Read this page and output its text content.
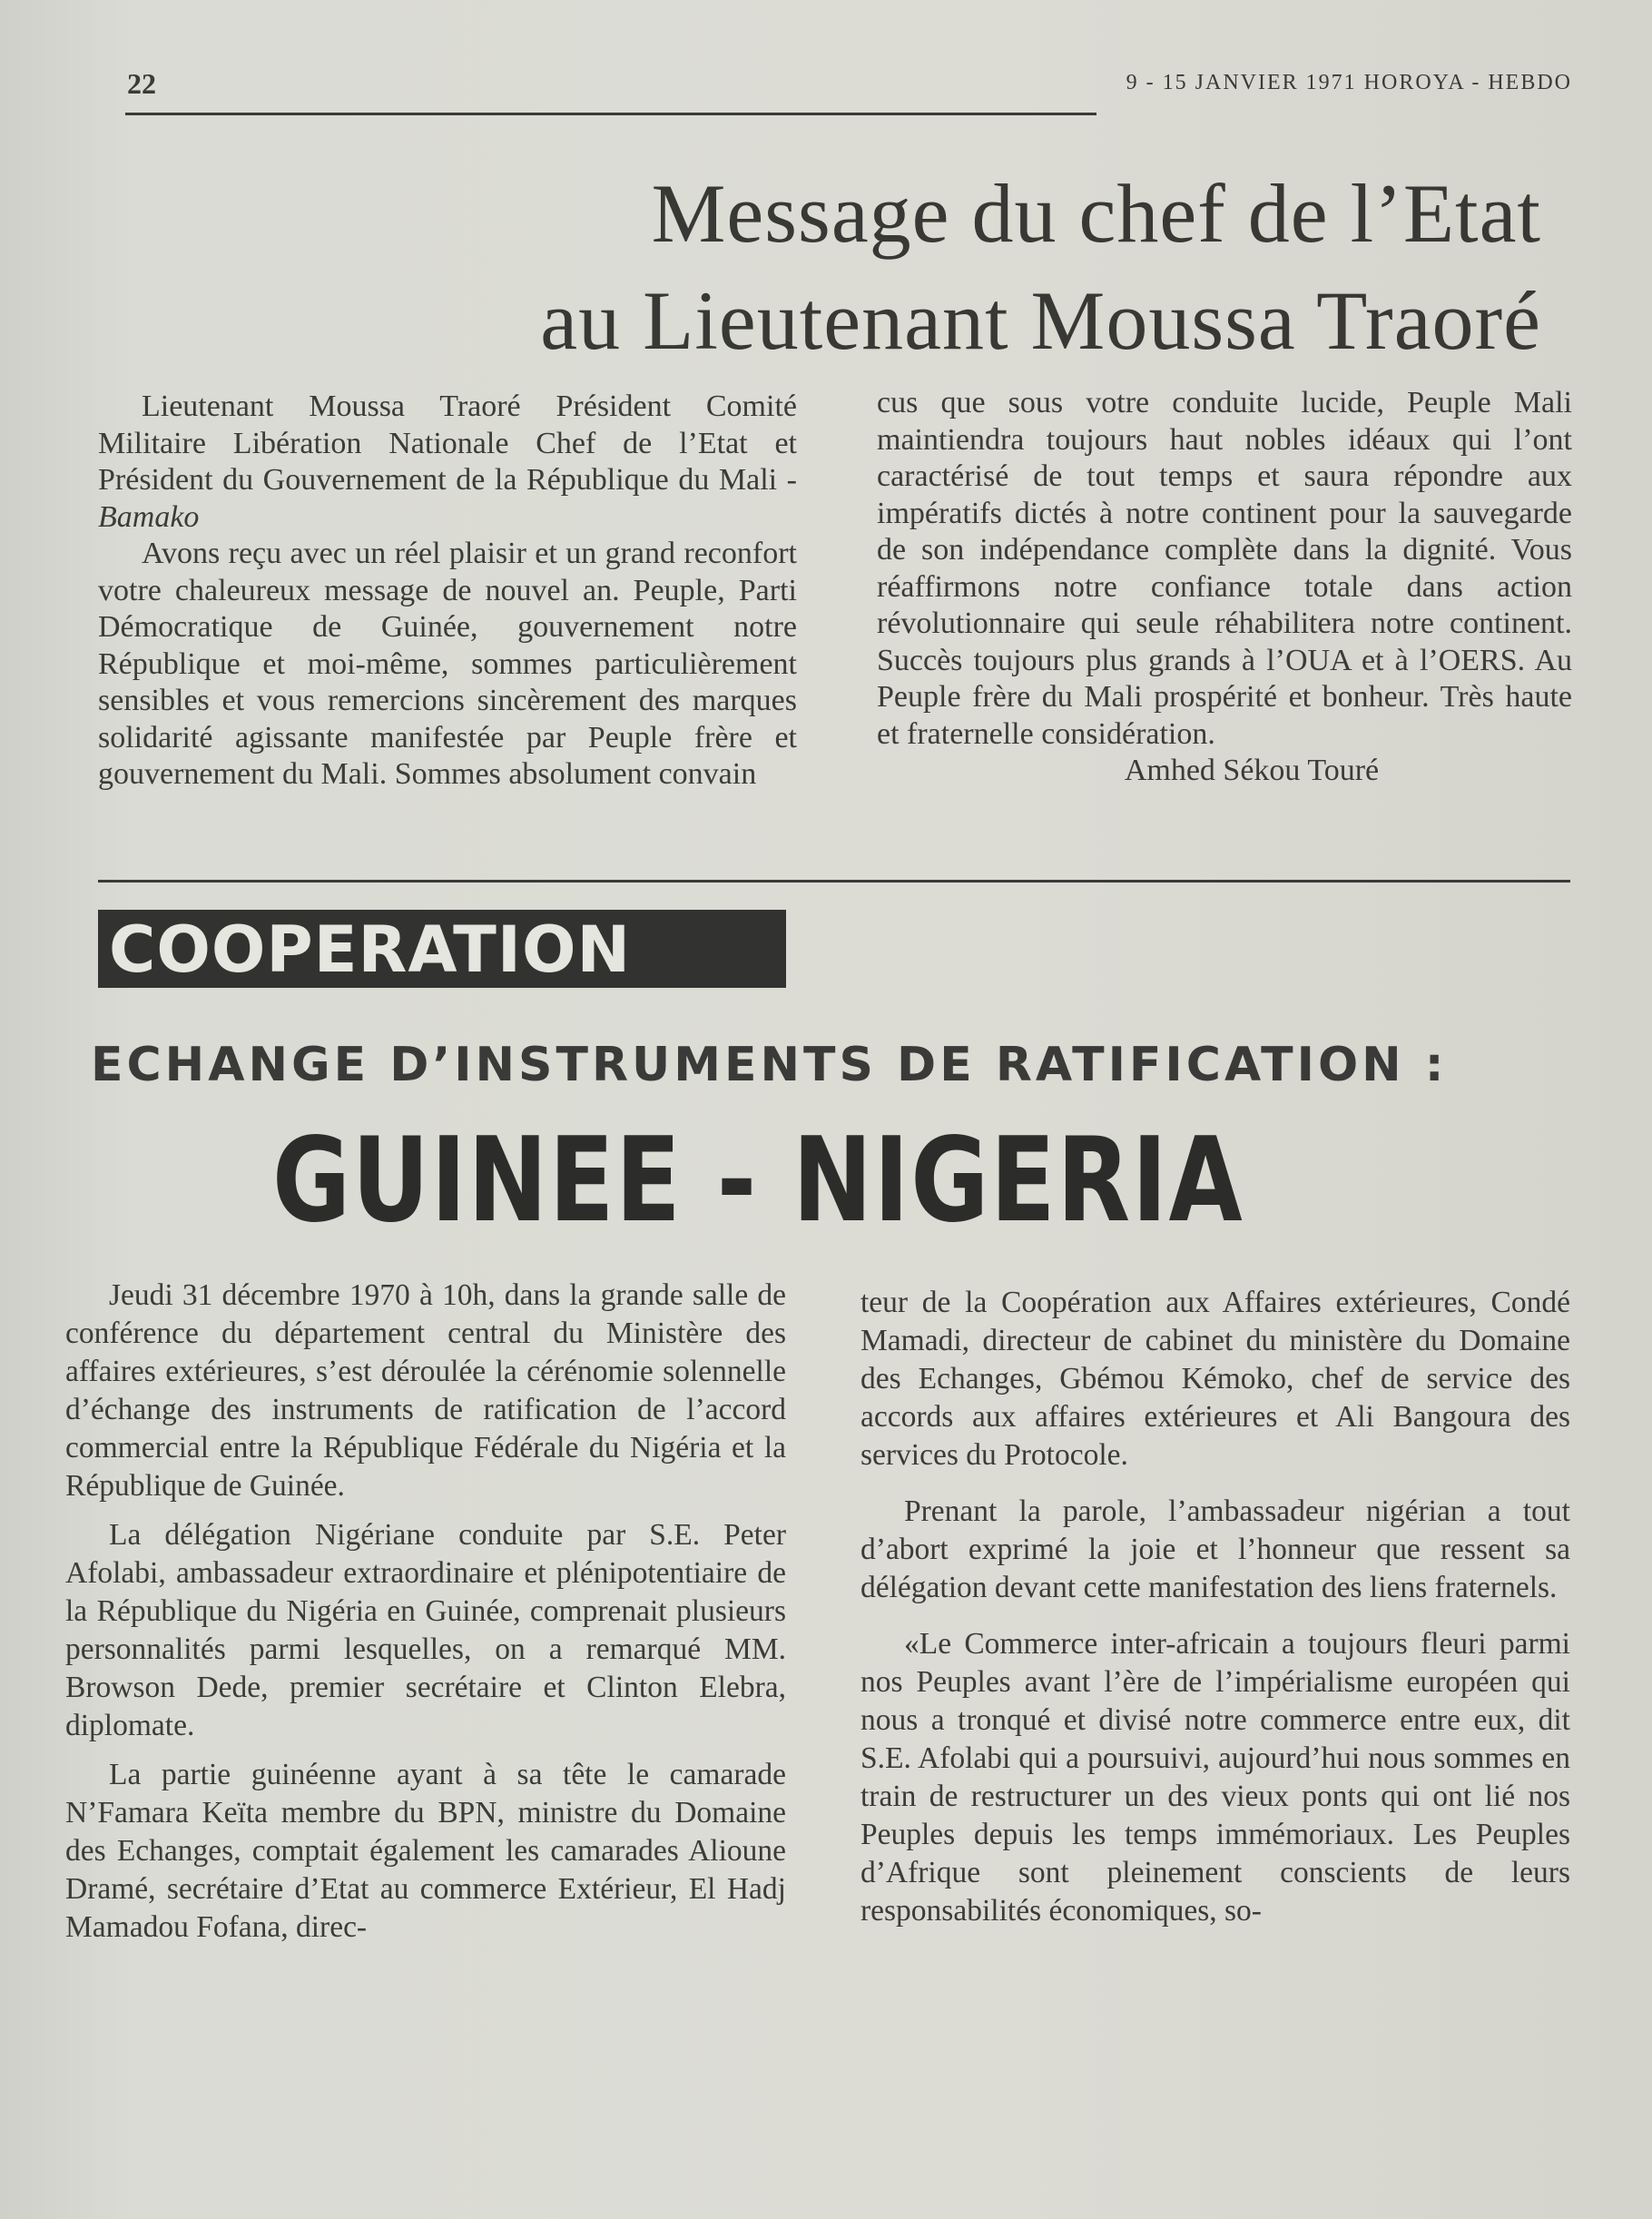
22	9 - 15 JANVIER 1971 HOROYA - HEBDO
Message du chef de l’Etat
au Lieutenant Moussa Traoré

Lieutenant Moussa Traoré Président Comité Militaire Libération Nationale Chef de l’Etat et Président du Gouvernement de la République du Mali - Bamako

Avons reçu avec un réel plaisir et un grand reconfort votre chaleureux message de nouvel an. Peuple, Parti Démocratique de Guinée, gouvernement notre République et moi-même, sommes particulièrement sensibles et vous remercions sincèrement des marques solidarité agissante manifestée par Peuple frère et gouvernement du Mali. Sommes absolument convain

cus que sous votre conduite lucide, Peuple Mali maintiendra toujours haut nobles idéaux qui l’ont caractérisé de tout temps et saura répondre aux impératifs dictés à notre continent pour la sauvegarde de son indépendance complète dans la dignité. Vous réaffirmons notre confiance totale dans action révolutionnaire qui seule réhabilitera notre continent. Succès toujours plus grands à l’OUA et à l’OERS. Au Peuple frère du Mali prospérité et bonheur. Très haute et fraternelle considération.

Amhed Sékou Touré

COOPERATION
ECHANGE D’INSTRUMENTS DE RATIFICATION :
GUINEE - NIGERIA

Jeudi 31 décembre 1970 à 10h, dans la grande salle de conférence du département central du Ministère des affaires extérieures, s’est déroulée la cérénomie solennelle d’échange des instruments de ratification de l’accord commercial entre la République Fédérale du Nigéria et la République de Guinée.

La délégation Nigériane conduite par S.E. Peter Afolabi, ambassadeur extraordinaire et plénipotentiaire de la République du Nigéria en Guinée, comprenait plusieurs personnalités parmi lesquelles, on a remarqué MM. Browson Dede, premier secrétaire et Clinton Elebra, diplomate.

La partie guinéenne ayant à sa tête le camarade N’Famara Keïta membre du BPN, ministre du Domaine des Echanges, comptait également les camarades Alioune Dramé, secrétaire d’Etat au commerce Extérieur, El Hadj Mamadou Fofana, direc-

teur de la Coopération aux Affaires extérieures, Condé Mamadi, directeur de cabinet du ministère du Domaine des Echanges, Gbémou Kémoko, chef de service des accords aux affaires extérieures et Ali Bangoura des services du Protocole.

Prenant la parole, l’ambassadeur nigérian a tout d’abort exprimé la joie et l’honneur que ressent sa délégation devant cette manifestation des liens fraternels.

«Le Commerce inter-africain a toujours fleuri parmi nos Peuples avant l’ère de l’impérialisme européen qui nous a tronqué et divisé notre commerce entre eux, dit S.E. Afolabi qui a poursuivi, aujourd’hui nous sommes en train de restructurer un des vieux ponts qui ont lié nos Peuples depuis les temps immémoriaux. Les Peuples d’Afrique sont pleinement conscients de leurs responsabilités économiques, so-
